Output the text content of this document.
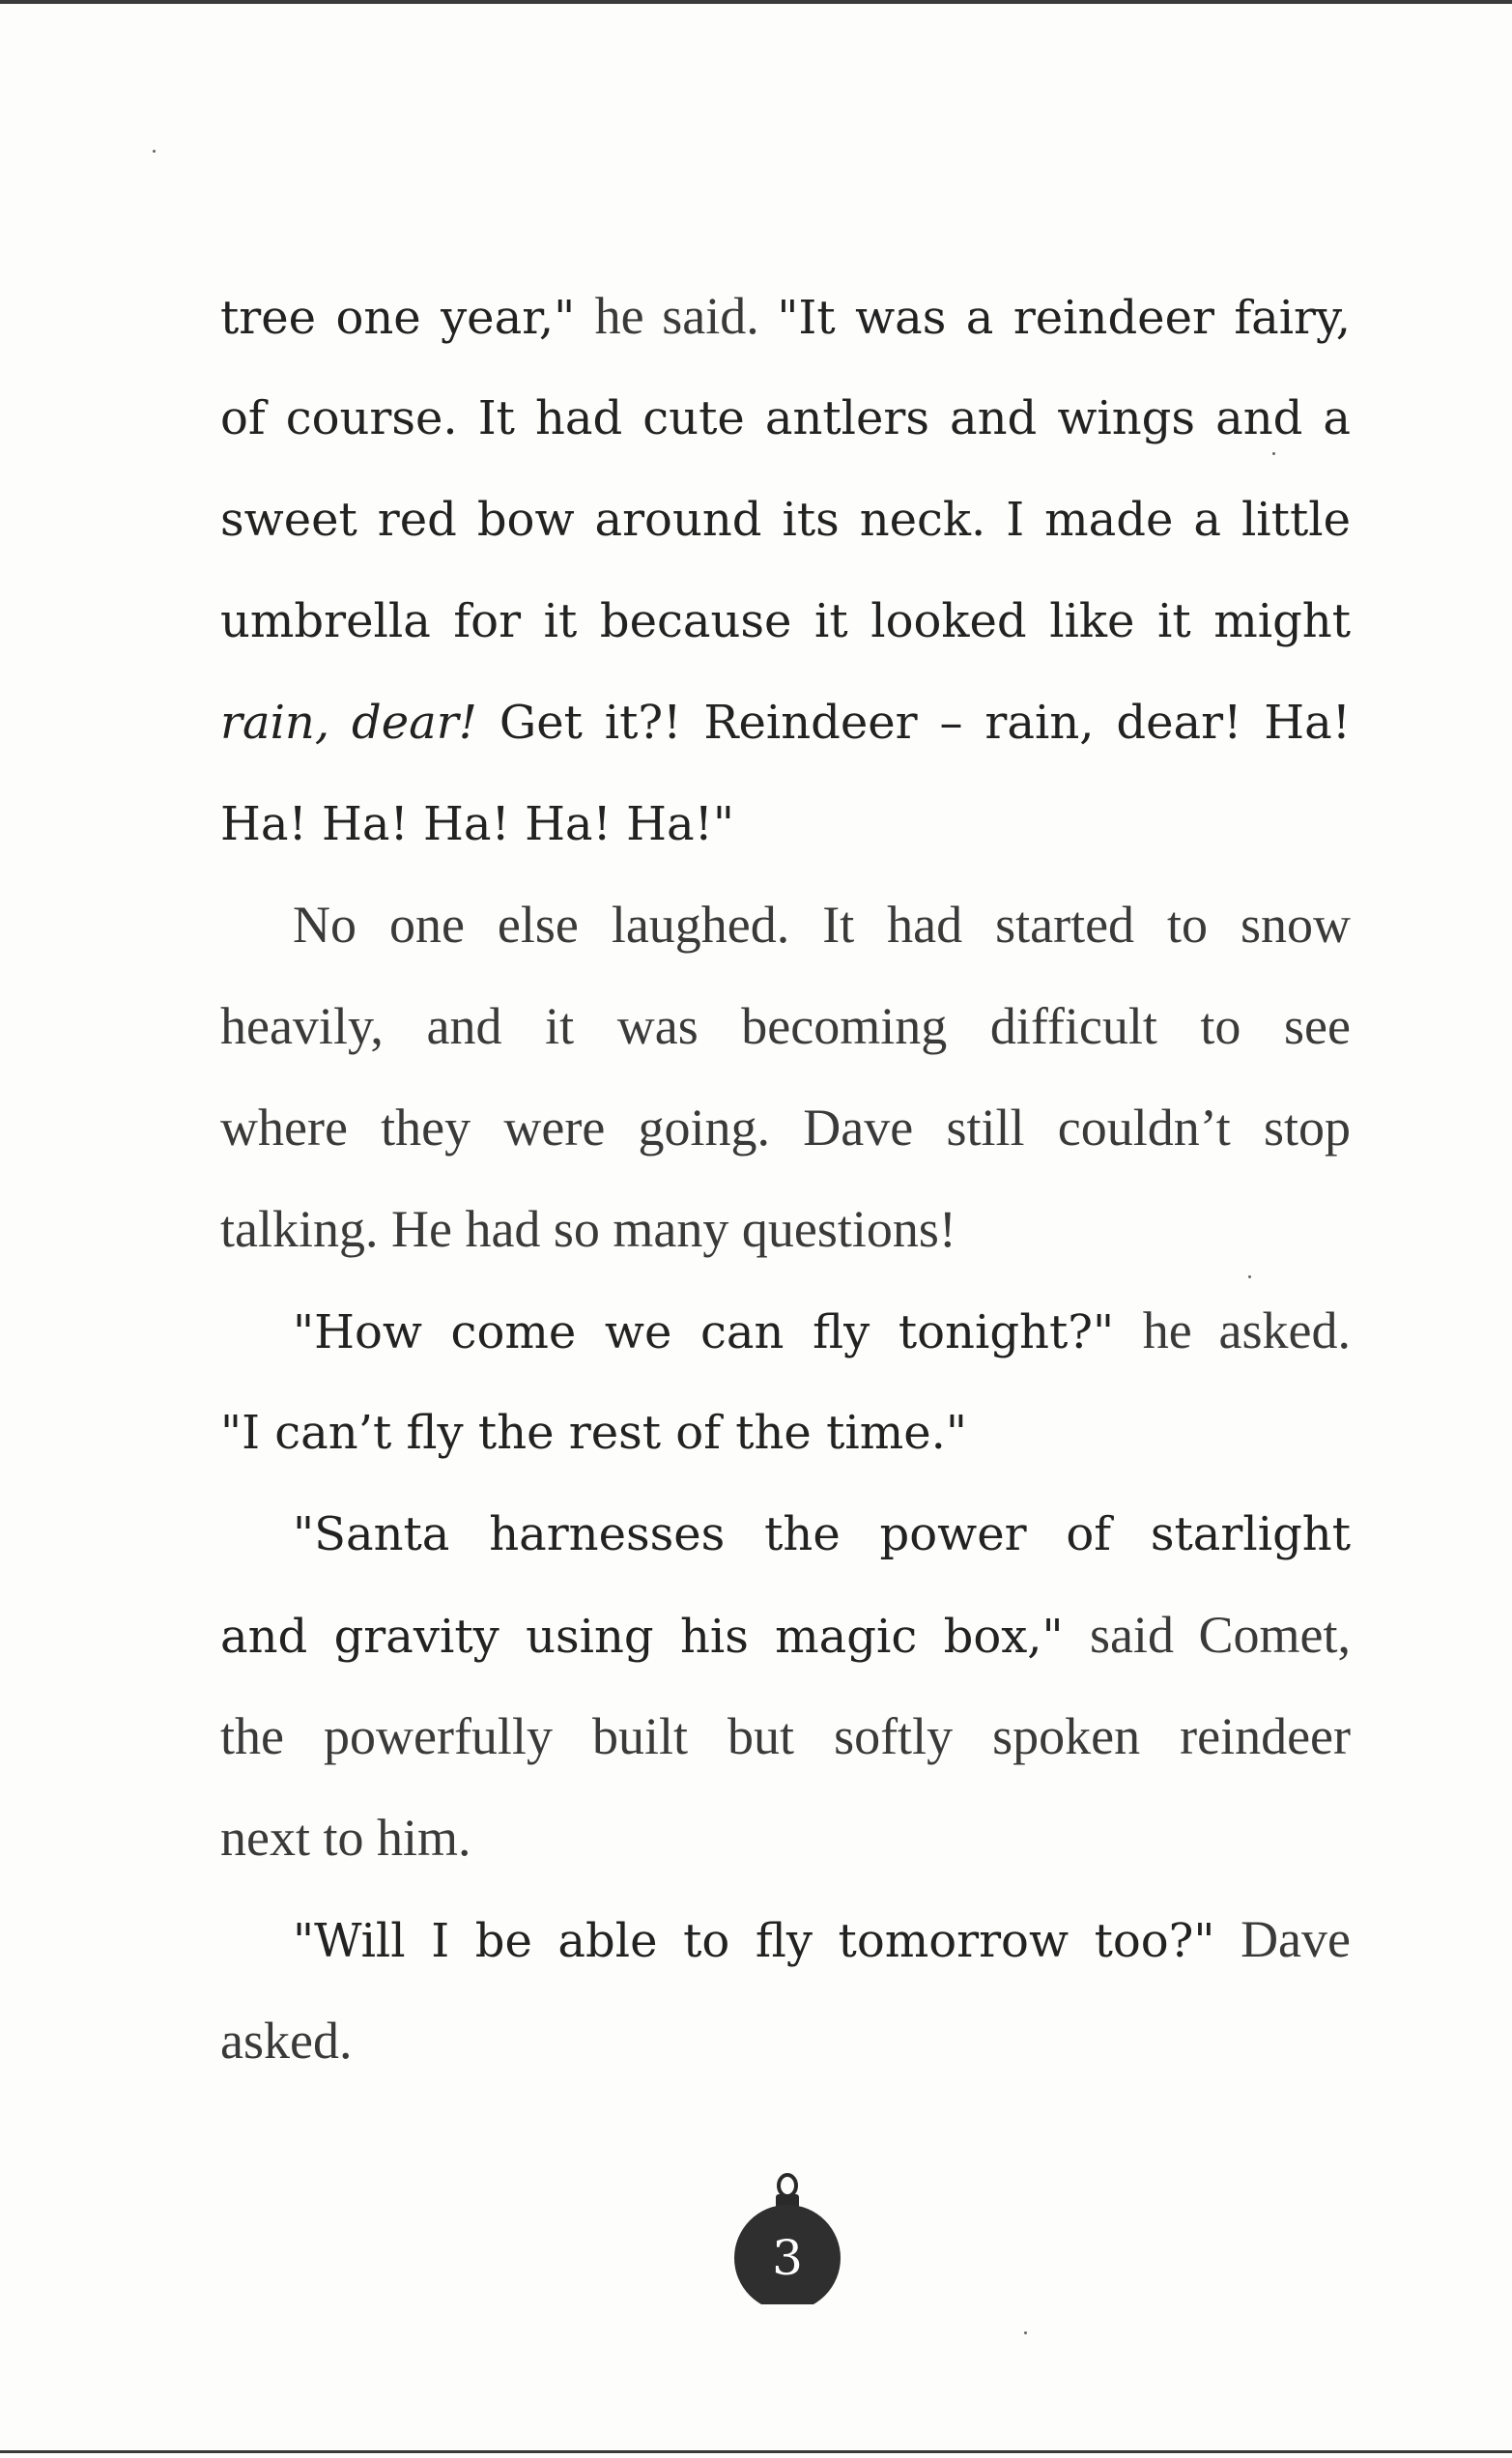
tree one year," he said. "It was a reindeer fairy,
of course. It had cute antlers and wings and a
sweet red bow around its neck. I made a little
umbrella for it because it looked like it might
rain, dear! Get it?! Reindeer – rain, dear! Ha!
Ha! Ha! Ha! Ha! Ha!"
No one else laughed. It had started to snow
heavily, and it was becoming difficult to see
where they were going. Dave still couldn’t stop
talking. He had so many questions!
"How come we can fly tonight?" he asked.
"I can’t fly the rest of the time."
"Santa harnesses the power of starlight
and gravity using his magic box," said Comet,
the powerfully built but softly spoken reindeer
next to him.
"Will I be able to fly tomorrow too?" Dave
asked.
3
